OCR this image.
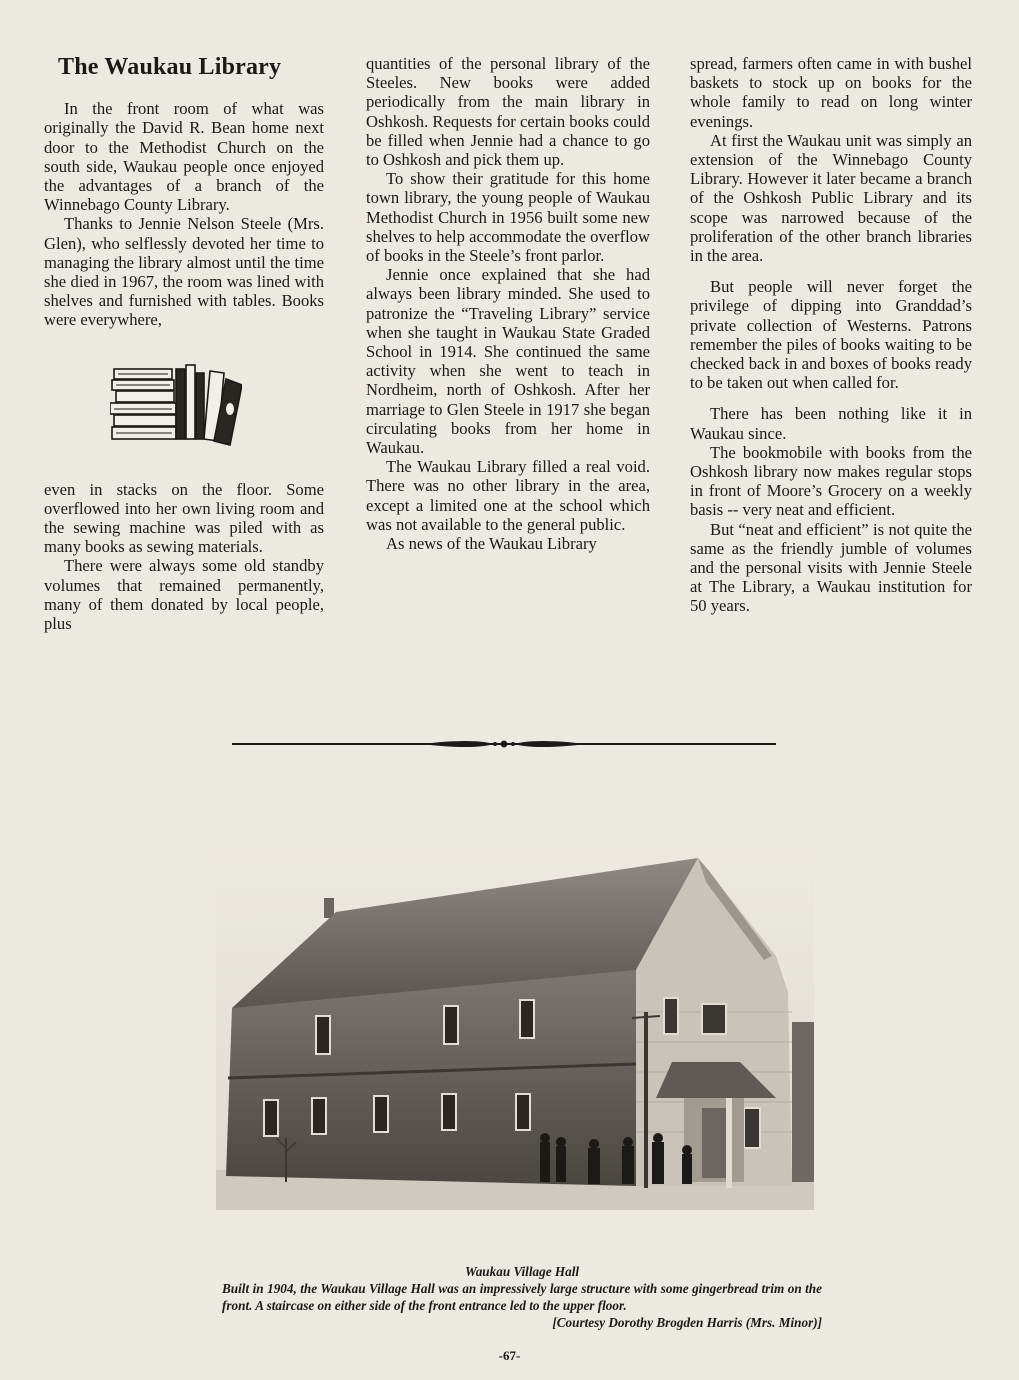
The Waukau Library

In the front room of what was originally the David R. Bean home next door to the Methodist Church on the south side, Waukau people once enjoyed the advantages of a branch of the Winnebago County Library.

Thanks to Jennie Nelson Steele (Mrs. Glen), who selflessly devoted her time to managing the library almost until the time she died in 1967, the room was lined with shelves and furnished with tables. Books were everywhere,

even in stacks on the floor. Some overflowed into her own living room and the sewing machine was piled with as many books as sewing materials.

There were always some old standby volumes that remained permanently, many of them donated by local people, plus

quantities of the personal library of the Steeles. New books were added periodically from the main library in Oshkosh. Requests for certain books could be filled when Jennie had a chance to go to Oshkosh and pick them up.

To show their gratitude for this home town library, the young people of Waukau Methodist Church in 1956 built some new shelves to help accommodate the overflow of books in the Steele’s front parlor.

Jennie once explained that she had always been library minded. She used to patronize the “Traveling Library” service when she taught in Waukau State Graded School in 1914. She continued the same activity when she went to teach in Nordheim, north of Oshkosh. After her marriage to Glen Steele in 1917 she began circulating books from her home in Waukau.

The Waukau Library filled a real void. There was no other library in the area, except a limited one at the school which was not available to the general public.

As news of the Waukau Library

spread, farmers often came in with bushel baskets to stock up on books for the whole family to read on long winter evenings.

At first the Waukau unit was simply an extension of the Winnebago County Library. However it later became a branch of the Oshkosh Public Library and its scope was narrowed because of the proliferation of the other branch libraries in the area.

But people will never forget the privilege of dipping into Granddad’s private collection of Westerns. Patrons remember the piles of books waiting to be checked back in and boxes of books ready to be taken out when called for.

There has been nothing like it in Waukau since.

The bookmobile with books from the Oshkosh library now makes regular stops in front of Moore’s Grocery on a weekly basis -- very neat and efficient.

But “neat and efficient” is not quite the same as the friendly jumble of volumes and the personal visits with Jennie Steele at The Library, a Waukau institution for 50 years.

Waukau Village Hall
Built in 1904, the Waukau Village Hall was an impressively large structure with some gingerbread trim on the front. A staircase on either side of the front entrance led to the upper floor.
[Courtesy Dorothy Brogden Harris (Mrs. Minor)]
-67-
